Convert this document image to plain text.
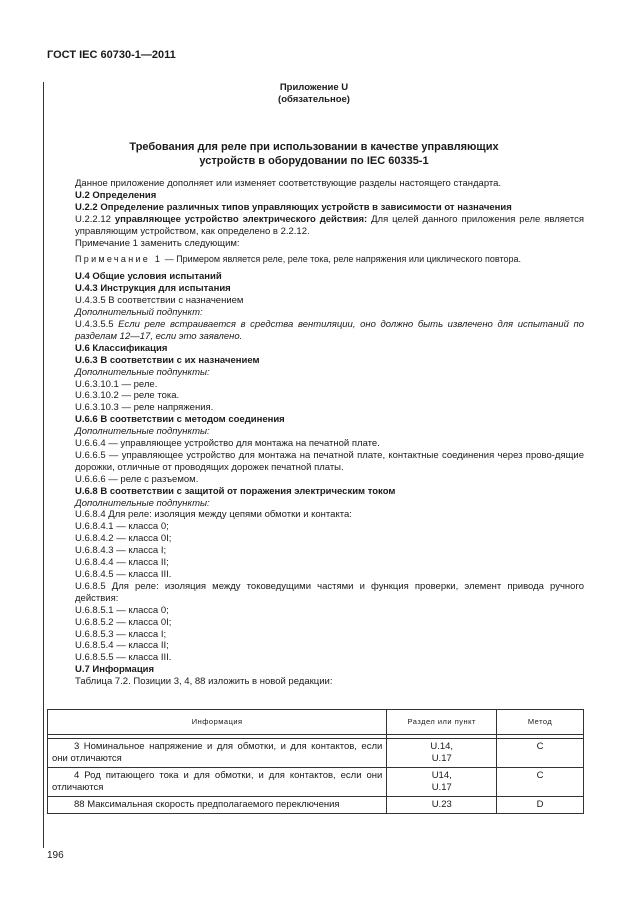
ГОСТ IEC 60730-1—2011
Приложение U
(обязательное)
Требования для реле при использовании в качестве управляющих
устройств в оборудовании по IEC 60335-1

Данное приложение дополняет или изменяет соответствующие разделы настоящего стандарта.

U.2 Определения

U.2.2 Определение различных типов управляющих устройств в зависимости от назначения

U.2.2.12 управляющее устройство электрического действия: Для целей данного приложения реле является управляющим устройством, как определено в 2.2.12.

Примечание 1 заменить следующим:

Примечание 1 — Примером является реле, реле тока, реле напряжения или циклического повтора.

U.4 Общие условия испытаний

U.4.3 Инструкция для испытания

U.4.3.5 В соответствии с назначением

Дополнительный подпункт:

U.4.3.5.5 Если реле встраивается в средства вентиляции, оно должно быть извлечено для испытаний по разделам 12—17, если это заявлено.

U.6 Классификация

U.6.3 В соответствии с их назначением

Дополнительные подпункты:

U.6.3.10.1 — реле.

U.6.3.10.2 — реле тока.

U.6.3.10.3 — реле напряжения.

U.6.6 В соответствии с методом соединения

Дополнительные подпункты:

U.6.6.4 — управляющее устройство для монтажа на печатной плате.

U.6.6.5 — управляющее устройство для монтажа на печатной плате, контактные соединения через прово-дящие дорожки, отличные от проводящих дорожек печатной платы.

U.6.6.6 — реле с разъемом.

U.6.8 В соответствии с защитой от поражения электрическим током

Дополнительные подпункты:

U.6.8.4 Для реле: изоляция между цепями обмотки и контакта:

U.6.8.4.1 — класса 0;

U.6.8.4.2 — класса 0I;

U.6.8.4.3 — класса I;

U.6.8.4.4 — класса II;

U.6.8.4.5 — класса III.

U.6.8.5 Для реле: изоляция между токоведущими частями и функция проверки, элемент привода ручного действия:

U.6.8.5.1 — класса 0;

U.6.8.5.2 — класса 0I;

U.6.8.5.3 — класса I;

U.6.8.5.4 — класса II;

U.6.8.5.5 — класса III.

U.7 Информация

Таблица 7.2. Позиции 3, 4, 88 изложить в новой редакции:

Информация	Раздел или пункт	Метод

3 Номинальное напряжение и для обмотки, и для контактов, если они отличаются	U.14,
U.17	C

4 Род питающего тока и для обмотки, и для контактов, если они отличаются	U14,
U.17	C

88 Максимальная скорость предполагаемого переключения	U.23	D
196
